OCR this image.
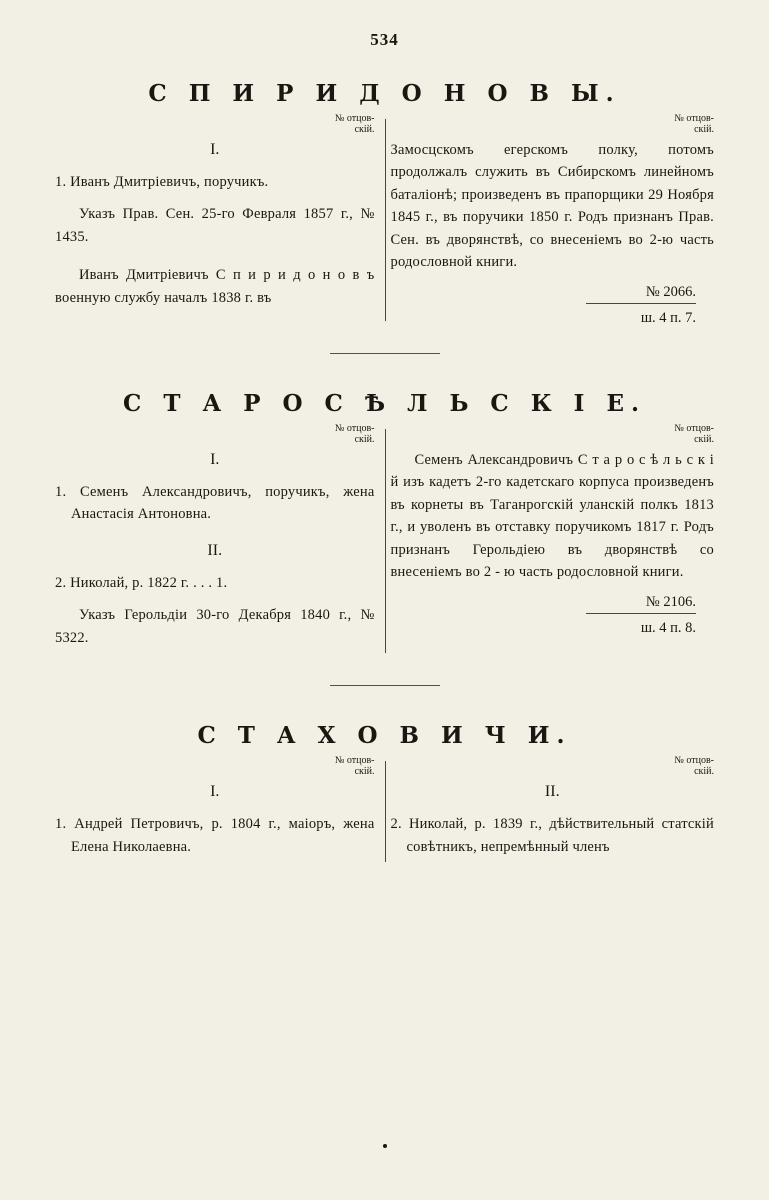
534
С П И Р И Д О Н О В Ы.
№ отцов-
скiй.
I.
1. Иванъ Дмитрiевичъ, поручикъ.
Указъ Прав. Сен. 25-го Февраля 1857 г., № 1435.
Иванъ Дмитрiевичъ С п и р и д о н о в ъ военную службу началъ 1838 г. въ
№ отцов-
скiй.
Замосцскомъ егерскомъ полку, потомъ продолжалъ служить въ Сибирскомъ линейномъ баталiонѣ; произведенъ въ прапорщики 29 Ноября 1845 г., въ поручики 1850 г. Родъ признанъ Прав. Сен. въ дворянствѣ, со внесенiемъ во 2-ю часть родословной книги.
№ 2066.
ш. 4 п. 7.
С Т А Р О С Ѣ Л Ь С К І Е.
№ отцов-
скiй.
I.
1. Семенъ Александровичъ, поручикъ, жена Анастасiя Антоновна.
II.
2. Николай, р. 1822 г. . . . 1.
Указъ Герольдiи 30-го Декабря 1840 г., № 5322.
№ отцов-
скiй.
Семенъ Александровичъ С т а р о с ѣ л ь с к i й изъ кадетъ 2-го кадетскаго корпуса произведенъ въ корнеты въ Таганрогскiй уланскiй полкъ 1813 г., и уволенъ въ отставку поручикомъ 1817 г. Родъ признанъ Герольдiею въ дворянствѣ со внесенiемъ во 2 - ю часть родословной книги.
№ 2106.
ш. 4 п. 8.
С Т А Х О В И Ч И.
№ отцов-
скiй.
I.
1. Андрей Петровичъ, р. 1804 г., маiоръ, жена Елена Николаевна.
№ отцов-
скiй.
II.
2. Николай, р. 1839 г., дѣйствительный статскiй совѣтникъ, непремѣнный членъ
